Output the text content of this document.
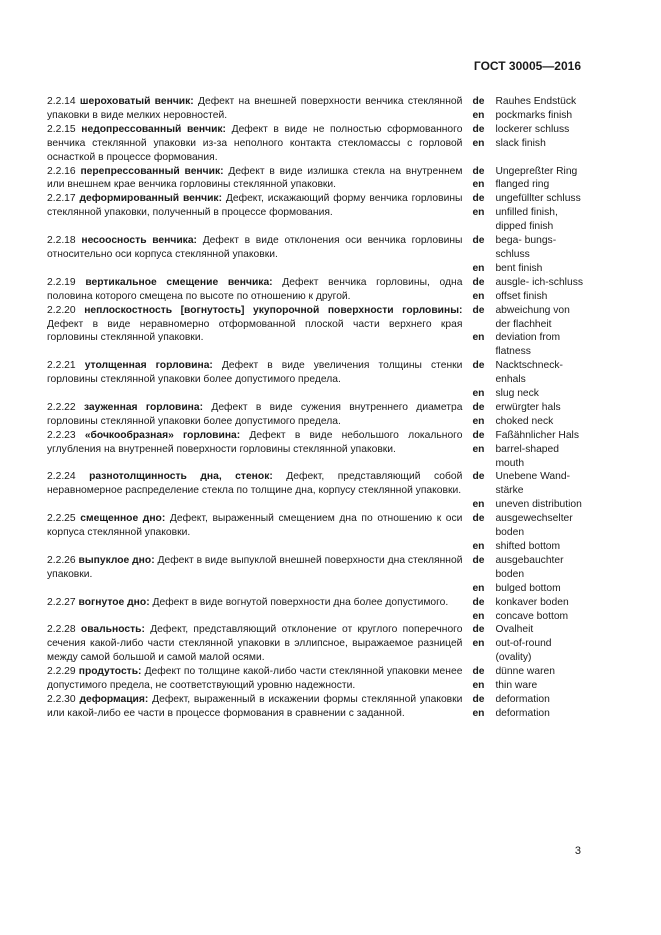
ГОСТ 30005—2016
2.2.14 шероховатый венчик: Дефект на внешней поверхности венчика стеклянной упаковки в виде мелких неровностей.
de	Rauhes Endstück
en	pockmarks finish
2.2.15 недопрессованный венчик: Дефект в виде не полностью сформованного венчика стеклянной упаковки из-за неполного контакта стекломассы с горловой оснасткой в процессе формования.
de	lockerer schluss
en	slack finish
2.2.16 перепрессованный венчик: Дефект в виде излишка стекла на внутреннем или внешнем крае венчика горловины стеклянной упаковки.
de	Ungepreßter Ring
en	flanged ring
2.2.17 деформированный венчик: Дефект, искажающий форму венчика горловины стеклянной упаковки, полученный в процессе формования.
de	ungefüllter schluss
en	unfilled finish, dipped finish
2.2.18 несоосность венчика: Дефект в виде отклонения оси венчика горловины относительно оси корпуса стеклянной упаковки.
de	bega- bungs-schluss
en	bent finish
2.2.19 вертикальное смещение венчика: Дефект венчика горловины, одна половина которого смещена по высоте по отношению к другой.
de	ausgle- ich-schluss
en	offset finish
2.2.20 неплоскостность [вогнутость] укупорочной поверхности горловины: Дефект в виде неравномерно отформованной плоской части верхнего края горловины стеклянной упаковки.
de	abweichung von der flachheit
en	deviation from flatness
2.2.21 утолщенная горловина: Дефект в виде увеличения толщины стенки горловины стеклянной упаковки более допустимого предела.
de	Nacktschneck- enhals
en	slug neck
2.2.22 зауженная горловина: Дефект в виде сужения внутреннего диаметра горловины стеклянной упаковки более допустимого предела.
de	erwürgter hals
en	choked neck
2.2.23 «бочкообразная» горловина: Дефект в виде небольшого локального углубления на внутренней поверхности горловины стеклянной упаковки.
de	Faßähnlicher Hals
en	barrel-shaped mouth
2.2.24 разнотолщинность дна, стенок: Дефект, представляющий собой неравномерное распределение стекла по толщине дна, корпусу стеклянной упаковки.
de	Unebene Wand- stärke
en	uneven distribution
2.2.25 смещенное дно: Дефект, выраженный смещением дна по отношению к оси корпуса стеклянной упаковки.
de	ausgewechselter boden
en	shifted bottom
2.2.26 выпуклое дно: Дефект в виде выпуклой внешней поверхности дна стеклянной упаковки.
de	ausgebauchter boden
en	bulged bottom
2.2.27 вогнутое дно: Дефект в виде вогнутой поверхности дна более допустимого.	de	konkaver boden
en	concave bottom
2.2.28 овальность: Дефект, представляющий отклонение от круглого поперечного сечения какой-либо части стеклянной упаковки в эллипсное, выражаемое разницей между самой большой и самой малой осями.
de	Ovalheit
en	out-of-round (ovality)
2.2.29 продутость: Дефект по толщине какой-либо части стеклянной упаковки менее допустимого предела, не соответствующий уровню надежности.
de	dünne waren
en	thin ware
2.2.30 деформация: Дефект, выраженный в искажении формы стеклянной упаковки или какой-либо ее части в процессе формования в сравнении с заданной.
de	deformation
en	deformation
3
